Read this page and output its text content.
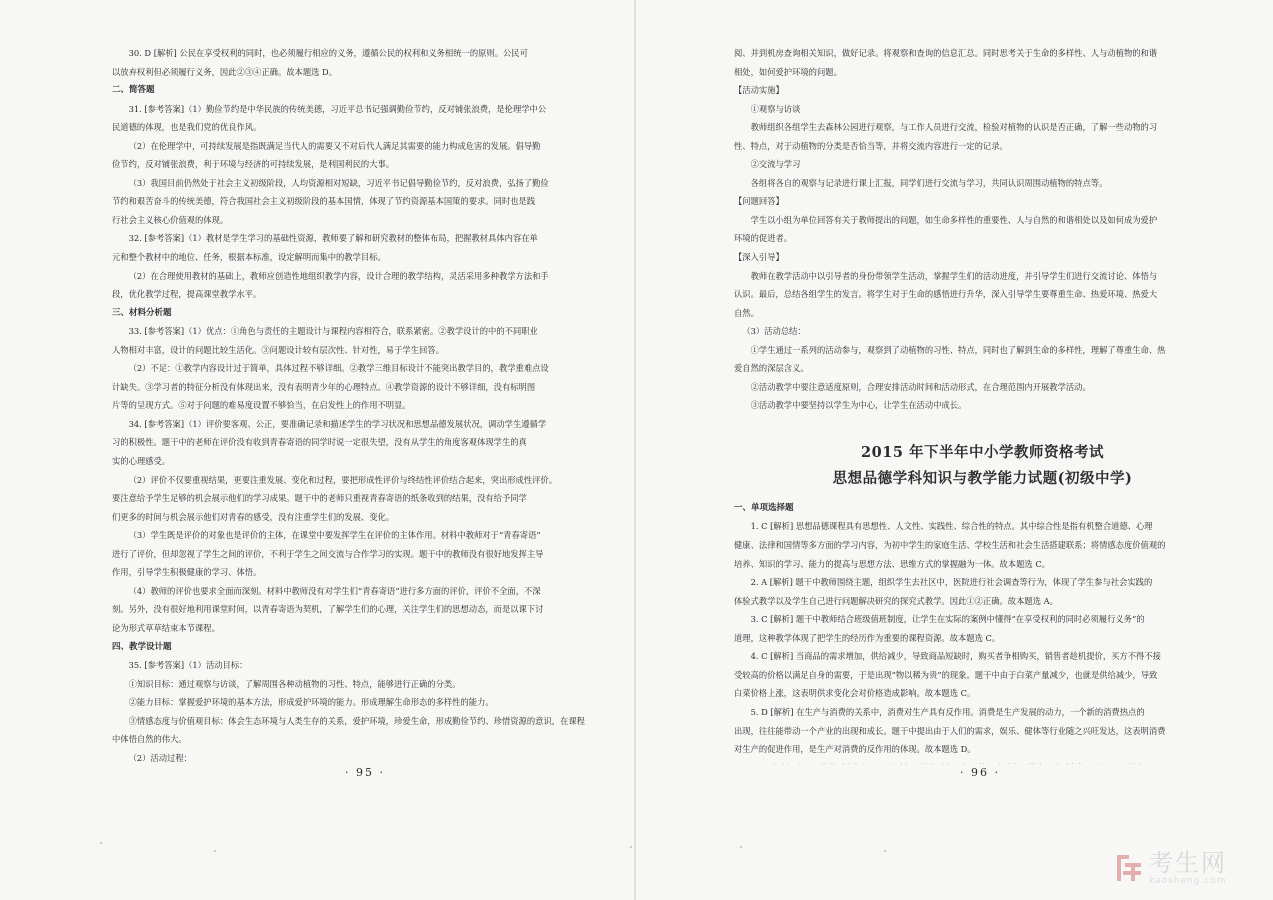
30. D [解析] 公民在享受权利的同时，也必须履行相应的义务，遵循公民的权利和义务相统一的原则。公民可

以放弃权利但必须履行义务，因此②③④正确。故本题选 D。

二、简答题

31. [参考答案]（1）勤俭节约是中华民族的传统美德，习近平总书记强调勤俭节约，反对铺张浪费，是伦理学中公

民道德的体现，也是我们党的优良作风。

（2）在伦理学中，可持续发展是指既满足当代人的需要又不对后代人满足其需要的能力构成危害的发展。倡导勤

俭节约，反对铺张浪费，利于环境与经济的可持续发展，是利国利民的大事。

（3）我国目前仍然处于社会主义初级阶段，人均资源相对短缺，习近平书记倡导勤俭节约，反对浪费，弘扬了勤俭

节约和艰苦奋斗的传统美德，符合我国社会主义初级阶段的基本国情，体现了节约资源基本国策的要求。同时也是践

行社会主义核心价值观的体现。

32. [参考答案]（1）教材是学生学习的基础性资源，教师要了解和研究教材的整体布局，把握教材具体内容在单

元和整个教材中的地位、任务，根据本标准，设定解明而集中的教学目标。

（2）在合理使用教材的基础上，教师应创造性地组织教学内容，设计合理的教学结构，灵活采用多种教学方法和手

段，优化教学过程，提高课堂教学水平。

三、材料分析题

33. [参考答案]（1）优点：①角色与责任的主题设计与课程内容相符合，联系紧密。②教学设计的中的不同职业

人物相对丰富，设计的问题比较生活化。③问题设计较有层次性、针对性，易于学生回答。

（2）不足：①教学内容设计过于简单，具体过程不够详细。②教学三维目标设计不能突出教学目的，教学重难点设

计缺失。③学习者的特征分析没有体现出来，没有表明青少年的心理特点。④教学资源的设计不够详细，没有标明图

片等的呈现方式。⑤对于问题的难易度设置不够恰当，在启发性上的作用不明显。

34. [参考答案]（1）评价要客观、公正，要准确记录和描述学生的学习状况和思想品德发展状况，调动学生遵循学

习的积极性。题干中的老师在评价没有收到青春寄语的同学时说一定很失望，没有从学生的角度客观体现学生的真

实的心理感受。

（2）评价不仅要重视结果，更要注重发展、变化和过程，要把形成性评价与终结性评价结合起来，突出形成性评价。

要注意给予学生足够的机会展示他们的学习成果。题干中的老师只重视青春寄语的纸条收到的结果，没有给予同学

们更多的时间与机会展示他们对青春的感受，没有注重学生们的发展、变化。

（3）学生既是评价的对象也是评价的主体，在课堂中要发挥学生在评价的主体作用。材料中教师对于“青春寄语”

进行了评价，但却忽视了学生之间的评价，不利于学生之间交流与合作学习的实现。题干中的教师没有很好地发挥主导

作用，引导学生积极健康的学习、体悟。

（4）教师的评价也要求全面而深刻。材料中教师没有对学生们“青春寄语”进行多方面的评价，评价不全面，不深

刻。另外，没有很好地利用课堂时间，以青春寄语为契机，了解学生们的心理，关注学生们的思想动态，而是以课下讨

论为形式草草结束本节课程。

四、教学设计题

35. [参考答案]（1）活动目标：

①知识目标：通过观察与访谈，了解周围各种动植物的习性、特点，能够进行正确的分类。

②能力目标：掌握爱护环境的基本方法，形成爱护环境的能力。形成理解生命形态的多样性的能力。

③情感态度与价值观目标：体会生态环境与人类生存的关系，爱护环境，珍爱生命，形成勤俭节约、珍惜资源的意识，在课程

中体悟自然的伟大。

（2）活动过程：

阅、并到机房查询相关知识，做好记录。将观察和查询的信息汇总。同时思考关于生命的多样性、人与动植物的和谐

相处，如何爱护环境的问题。

【活动实施】

①观察与访谈

教师组织各组学生去森林公园进行观察，与工作人员进行交流，检验对植物的认识是否正确，了解一些动物的习

性、特点，对于动植物的分类是否恰当等，并将交流内容进行一定的记录。

②交流与学习

各组将各自的观察与记录进行课上汇报，同学们进行交流与学习，共同认识周围动植物的特点等。

【问题回答】

学生以小组为单位回答有关于教师提出的问题，如生命多样性的重要性、人与自然的和谐相处以及如何成为爱护

环境的促进者。

【深入引导】

教师在教学活动中以引导者的身份带领学生活动，掌握学生们的活动进度，并引导学生们进行交流讨论、体悟与

认识。最后，总结各组学生的发言。将学生对于生命的感悟进行升华，深入引导学生要尊重生命、热爱环境、热爱大

自然。

（3）活动总结：

①学生通过一系列的活动参与，观察到了动植物的习性、特点，同时也了解到生命的多样性，理解了尊重生命、热

爱自然的深层含义。

②活动教学中要注意适度原则，合理安排活动时间和活动形式，在合理范围内开展教学活动。

③活动教学中要坚持以学生为中心，让学生在活动中成长。

2015 年下半年中小学教师资格考试
思想品德学科知识与教学能力试题(初级中学)
一、单项选择题

1. C [解析] 思想品德课程具有思想性、人文性、实践性、综合性的特点。其中综合性是指有机整合道德、心理

健康、法律和国情等多方面的学习内容，为初中学生的家庭生活、学校生活和社会生活搭建联系；将情感态度价值观的

培养、知识的学习、能力的提高与思想方法、思维方式的掌握融为一体。故本题选 C。

2. A [解析] 题干中教师围绕主题，组织学生去社区中，医院进行社会调查等行为，体现了学生参与社会实践的

体验式教学以及学生自己进行问题解决研究的探究式教学。因此①②正确。故本题选 A。

3. C [解析] 题干中教师结合班级值班制度，让学生在实际的案例中懂得“在享受权利的同时必须履行义务”的

道理，这种教学体现了把学生的经历作为重要的课程资源。故本题选 C。

4. C [解析] 当商品的需求增加，供给减少，导致商品短缺时，购买者争相购买，销售者趁机提价，买方不得不接

受较高的价格以满足自身的需要，于是出现“物以稀为贵”的现象。题干中由于白菜产量减少，也就是供给减少，导致

白菜价格上涨，这表明供求变化会对价格造成影响。故本题选 C。

5. D [解析] 在生产与消费的关系中，消费对生产具有反作用。消费是生产发展的动力，一个新的消费热点的

出现，往往能带动一个产业的出现和成长。题干中提出由于人们的需求，娱乐、健体等行业随之兴旺发达，这表明消费

对生产的促进作用，是生产对消费的反作用的体现。故本题选 D。

· 95 ·	· 96 ·
考生网
kaosheng.com
